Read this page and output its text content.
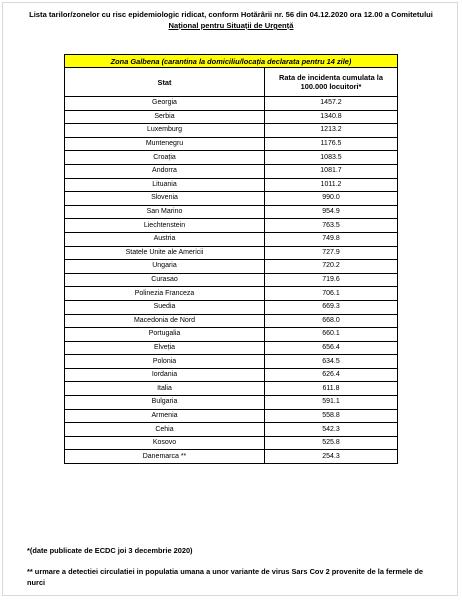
Lista tarilor/zonelor cu risc epidemiologic ridicat, conform Hotărârii nr. 56 din 04.12.2020 ora 12.00 a Comitetului
Național pentru Situații de Urgență
Zona Galbena (carantina la domiciliu/locația declarata pentru 14 zile)	
Stat	Rata de incidenta cumulata la 100.000 locuitori*
Georgia	1457.2
Serbia	1340.8
Luxemburg	1213.2
Muntenegru	1176.5
Croația	1083.5
Andorra	1081.7
Lituania	1011.2
Slovenia	990.0
San Marino	954.9
Liechtenstein	763.5
Austria	749.8
Statele Unite ale Americii	727.9
Ungaria	720.2
Curasao	719.6
Polinezia Franceza	706.1
Suedia	669.3
Macedonia de Nord	668.0
Portugalia	660.1
Elveția	656.4
Polonia	634.5
Iordania	626.4
Italia	611.8
Bulgaria	591.1
Armenia	558.8
Cehia	542.3
Kosovo	525.8
Danemarca **	254.3
*(date publicate de ECDC joi 3 decembrie 2020)
** urmare a detectiei circulatiei in populatia umana a unor variante de virus Sars Cov 2 provenite de la fermele de nurci
